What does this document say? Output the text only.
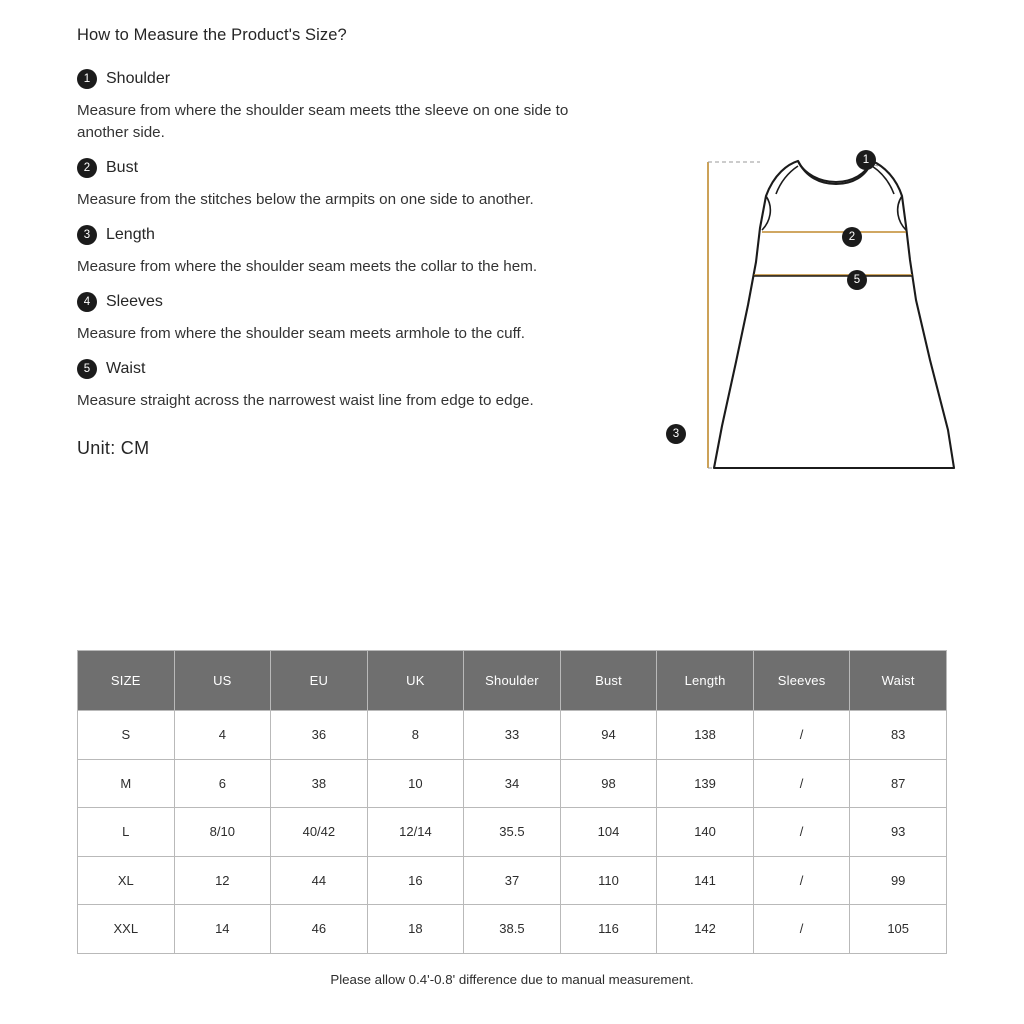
How to Measure the Product's Size?
1 Shoulder
Measure from where the shoulder seam meets tthe sleeve on one side to another side.
2 Bust
Measure from the stitches below the armpits on one side to another.
3 Length
Measure from where the shoulder seam meets the collar to the hem.
4 Sleeves
Measure from where the shoulder seam meets armhole to the cuff.
5 Waist
Measure straight across the narrowest waist line from edge to edge.
Unit: CM
1
2
5
3
SIZE	US	EU	UK	Shoulder	Bust	Length	Sleeves	Waist
S	4	36	8	33	94	138	/	83
M	6	38	10	34	98	139	/	87
L	8/10	40/42	12/14	35.5	104	140	/	93
XL	12	44	16	37	110	141	/	99
XXL	14	46	18	38.5	116	142	/	105
Please allow 0.4'-0.8' difference due to manual measurement.
